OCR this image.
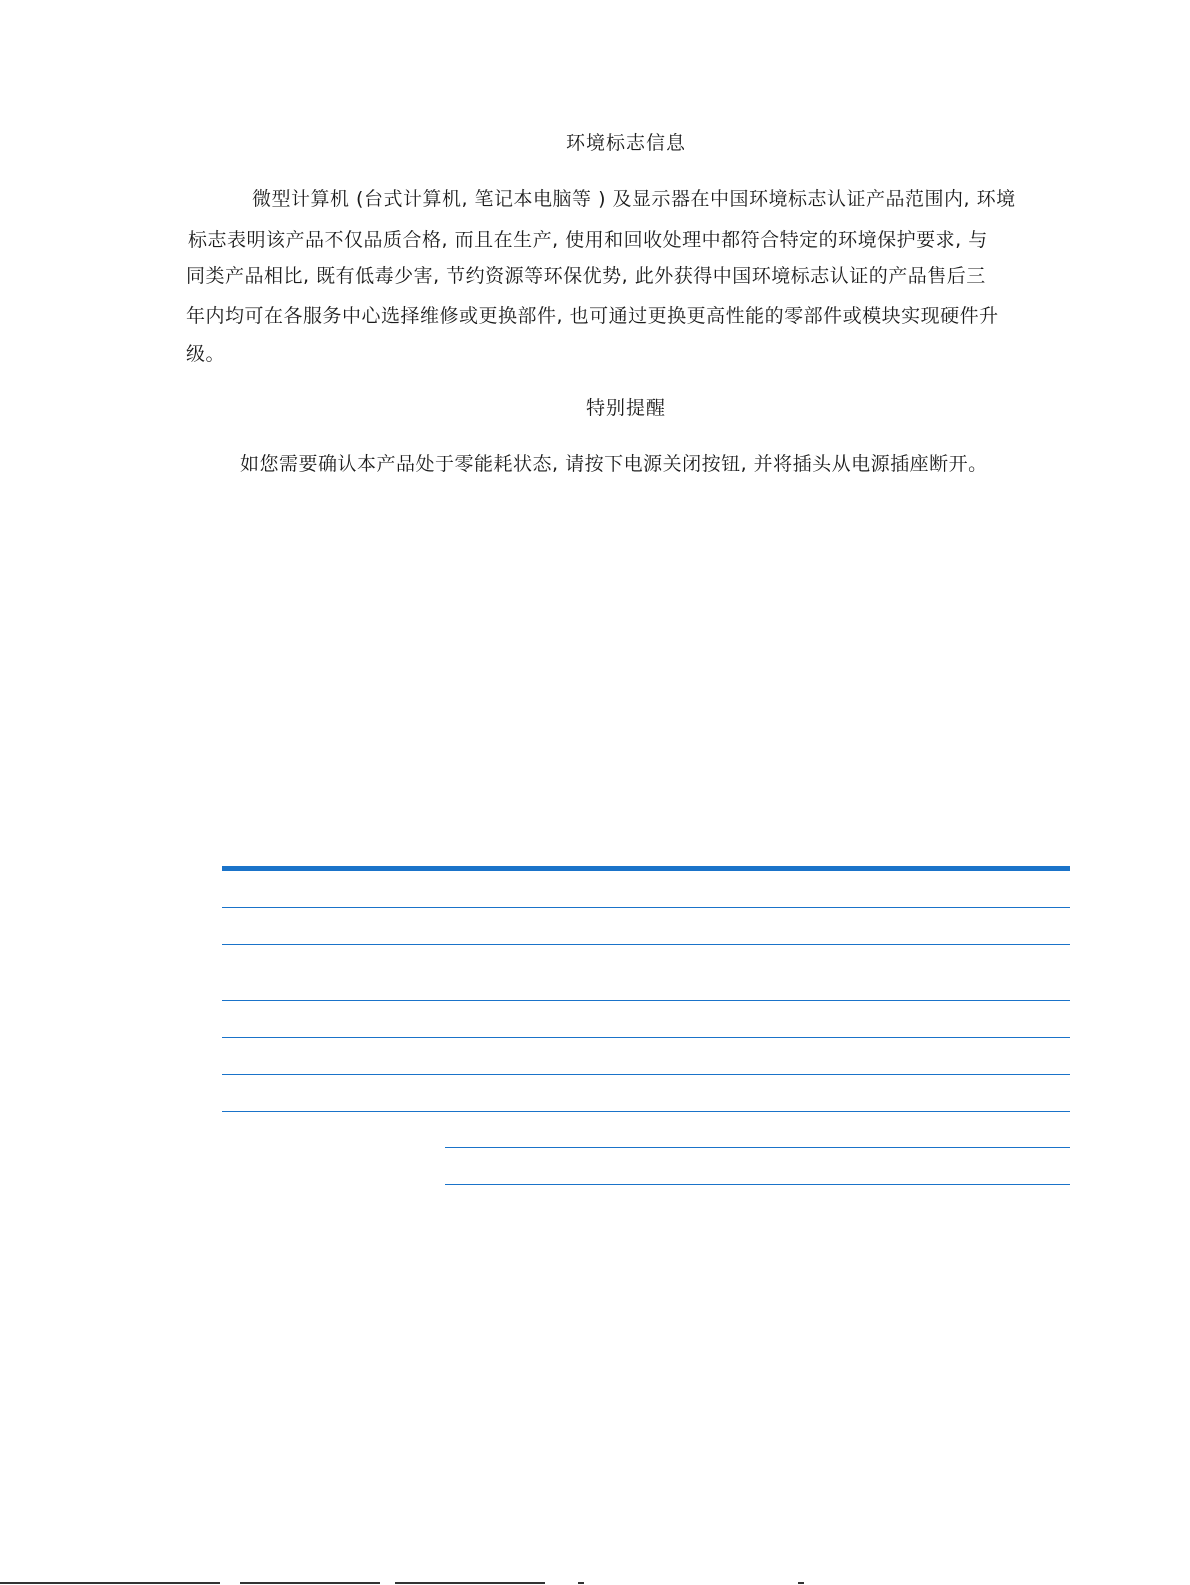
环境标志信息
微型计算机 (台式计算机, 笔记本电脑等 ) 及显示器在中国环境标志认证产品范围内, 环境
标志表明该产品不仅品质合格, 而且在生产, 使用和回收处理中都符合特定的环境保护要求, 与
同类产品相比, 既有低毒少害, 节约资源等环保优势, 此外获得中国环境标志认证的产品售后三
年内均可在各服务中心选择维修或更换部件, 也可通过更换更高性能的零部件或模块实现硬件升
级。
特别提醒
如您需要确认本产品处于零能耗状态, 请按下电源关闭按钮, 并将插头从电源插座断开。
